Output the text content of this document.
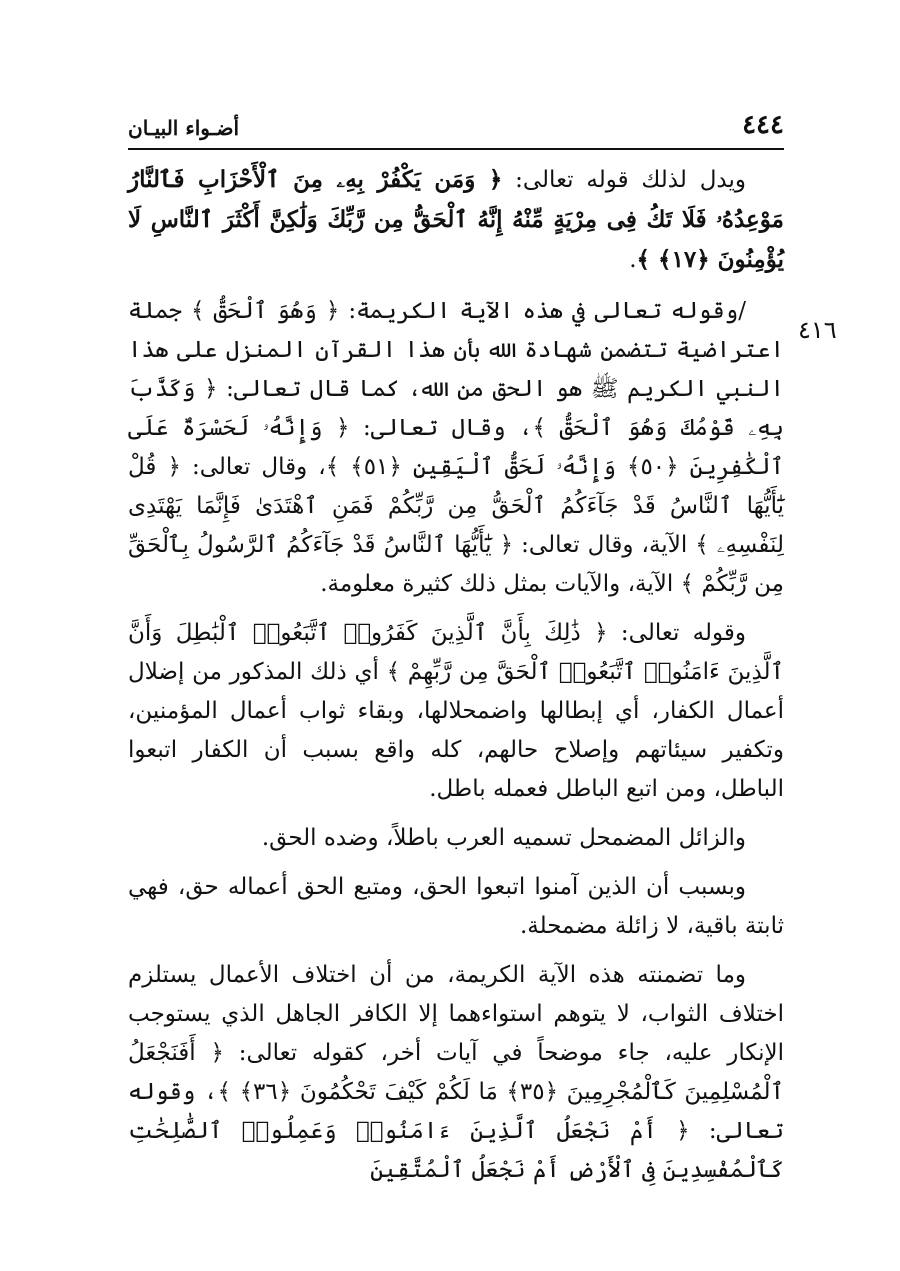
٤٤٤
أضـواء البيـان
٤١٦

ويدل لذلك قوله تعالى: ﴿ وَمَن يَكْفُرْ بِهِۦ مِنَ ٱلْأَحْزَابِ فَٱلنَّارُ مَوْعِدُهُۥ فَلَا تَكُ فِى مِرْيَةٍ مِّنْهُ إِنَّهُ ٱلْحَقُّ مِن رَّبِّكَ وَلَٰكِنَّ أَكْثَرَ ٱلنَّاسِ لَا يُؤْمِنُونَ ﴿١٧﴾ ﴾.

/وقوله تعالى في هذه الآية الكريمة: ﴿ وَهُوَ ٱلْحَقُّ ﴾ جملة اعتراضية تتضمن شهادة الله بأن هذا القرآن المنزل على هذا النبي الكريم ﷺ هو الحق من الله، كما قال تعالى: ﴿ وَكَذَّبَ بِهِۦ قَوْمُكَ وَهُوَ ٱلْحَقُّ ﴾، وقال تعالى: ﴿ وَإِنَّهُۥ لَحَسْرَةٌ عَلَى ٱلْكَٰفِرِينَ ﴿٥٠﴾ وَإِنَّهُۥ لَحَقُّ ٱلْيَقِينِ ﴿٥١﴾ ﴾، وقال تعالى: ﴿ قُلْ يَٰٓأَيُّهَا ٱلنَّاسُ قَدْ جَآءَكُمُ ٱلْحَقُّ مِن رَّبِّكُمْ فَمَنِ ٱهْتَدَىٰ فَإِنَّمَا يَهْتَدِى لِنَفْسِهِۦ ﴾ الآية، وقال تعالى: ﴿ يَٰٓأَيُّهَا ٱلنَّاسُ قَدْ جَآءَكُمُ ٱلرَّسُولُ بِٱلْحَقِّ مِن رَّبِّكُمْ ﴾ الآية، والآيات بمثل ذلك كثيرة معلومة.

وقوله تعالى: ﴿ ذَٰلِكَ بِأَنَّ ٱلَّذِينَ كَفَرُوا۟ ٱتَّبَعُوا۟ ٱلْبَٰطِلَ وَأَنَّ ٱلَّذِينَ ءَامَنُوا۟ ٱتَّبَعُوا۟ ٱلْحَقَّ مِن رَّبِّهِمْ ﴾ أي ذلك المذكور من إضلال أعمال الكفار، أي إبطالها واضمحلالها، وبقاء ثواب أعمال المؤمنين، وتكفير سيئاتهم وإصلاح حالهم، كله واقع بسبب أن الكفار اتبعوا الباطل، ومن اتبع الباطل فعمله باطل.

والزائل المضمحل تسميه العرب باطلاً، وضده الحق.

وبسبب أن الذين آمنوا اتبعوا الحق، ومتبع الحق أعماله حق، فهي ثابتة باقية، لا زائلة مضمحلة.

وما تضمنته هذه الآية الكريمة، من أن اختلاف الأعمال يستلزم اختلاف الثواب، لا يتوهم استواءهما إلا الكافر الجاهل الذي يستوجب الإنكار عليه، جاء موضحاً في آيات أخر، كقوله تعالى: ﴿ أَفَنَجْعَلُ ٱلْمُسْلِمِينَ كَٱلْمُجْرِمِينَ ﴿٣٥﴾ مَا لَكُمْ كَيْفَ تَحْكُمُونَ ﴿٣٦﴾ ﴾، وقوله تعالى: ﴿ أَمْ نَجْعَلُ ٱلَّذِينَ ءَامَنُوا۟ وَعَمِلُوا۟ ٱلصَّٰلِحَٰتِ كَٱلْمُفْسِدِينَ فِى ٱلْأَرْضِ أَمْ نَجْعَلُ ٱلْمُتَّقِينَ
